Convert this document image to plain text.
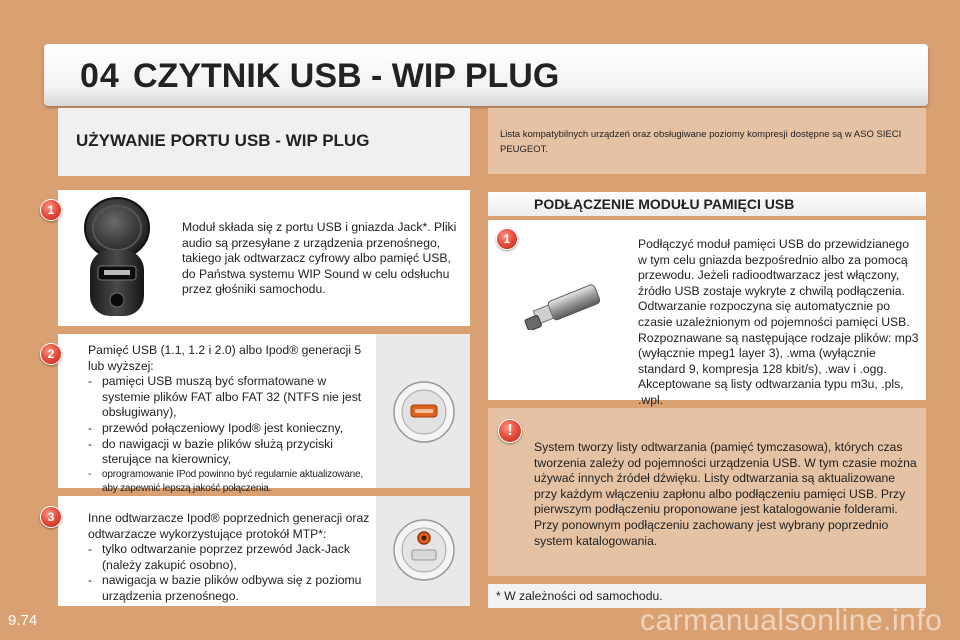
04 CZYTNIK USB - WIP PLUG
UŻYWANIE PORTU USB - WIP PLUG	Lista kompatybilnych urządzeń oraz obsługiwane poziomy kompresji dostępne są w ASO SIECI PEUGEOT.
1
Moduł składa się z portu USB i gniazda Jack*. Pliki audio są przesyłane z urządzenia przenośnego, takiego jak odtwarzacz cyfrowy albo pamięć USB, do Państwa systemu WIP Sound w celu odsłuchu przez głośniki samochodu.
2	Pamięć USB (1.1, 1.2 i 2.0) albo Ipod® generacji 5 lub wyższej:
- pamięci USB muszą być sformatowane w systemie plików FAT albo FAT 32 (NTFS nie jest obsługiwany),
- przewód połączeniowy Ipod® jest konieczny,
- do nawigacji w bazie plików służą przyciski sterujące na kierownicy,
- oprogramowanie IPod powinno być regularnie aktualizowane, aby zapewnić lepszą jakość połączenia.
3	Inne odtwarzacze Ipod® poprzednich generacji oraz odtwarzacze wykorzystujące protokół MTP*:
- tylko odtwarzanie poprzez przewód Jack-Jack (należy zakupić osobno),
- nawigacja w bazie plików odbywa się z poziomu urządzenia przenośnego.
PODŁĄCZENIE MODUŁU PAMIĘCI USB
1	Podłączyć moduł pamięci USB do przewidzianego w tym celu gniazda bezpośrednio albo za pomocą przewodu. Jeżeli radioodtwarzacz jest włączony, źródło USB zostaje wykryte z chwilą podłączenia. Odtwarzanie rozpoczyna się automatycznie po czasie uzależnionym od pojemności pamięci USB. Rozpoznawane są następujące rodzaje plików: mp3 (wyłącznie mpeg1 layer 3), .wma (wyłącznie standard 9, kompresja 128 kbit/s), .wav i .ogg. Akceptowane są listy odtwarzania typu m3u, .pls, .wpl.
!
System tworzy listy odtwarzania (pamięć tymczasowa), których czas tworzenia zależy od pojemności urządzenia USB. W tym czasie można używać innych źródeł dźwięku. Listy odtwarzania są aktualizowane przy każdym włączeniu zapłonu albo podłączeniu pamięci USB. Przy pierwszym podłączeniu proponowane jest katalogowanie folderami. Przy ponownym podłączeniu zachowany jest wybrany poprzednio system katalogowania.
* W zależności od samochodu.
9.74	carmanualsonline.info
